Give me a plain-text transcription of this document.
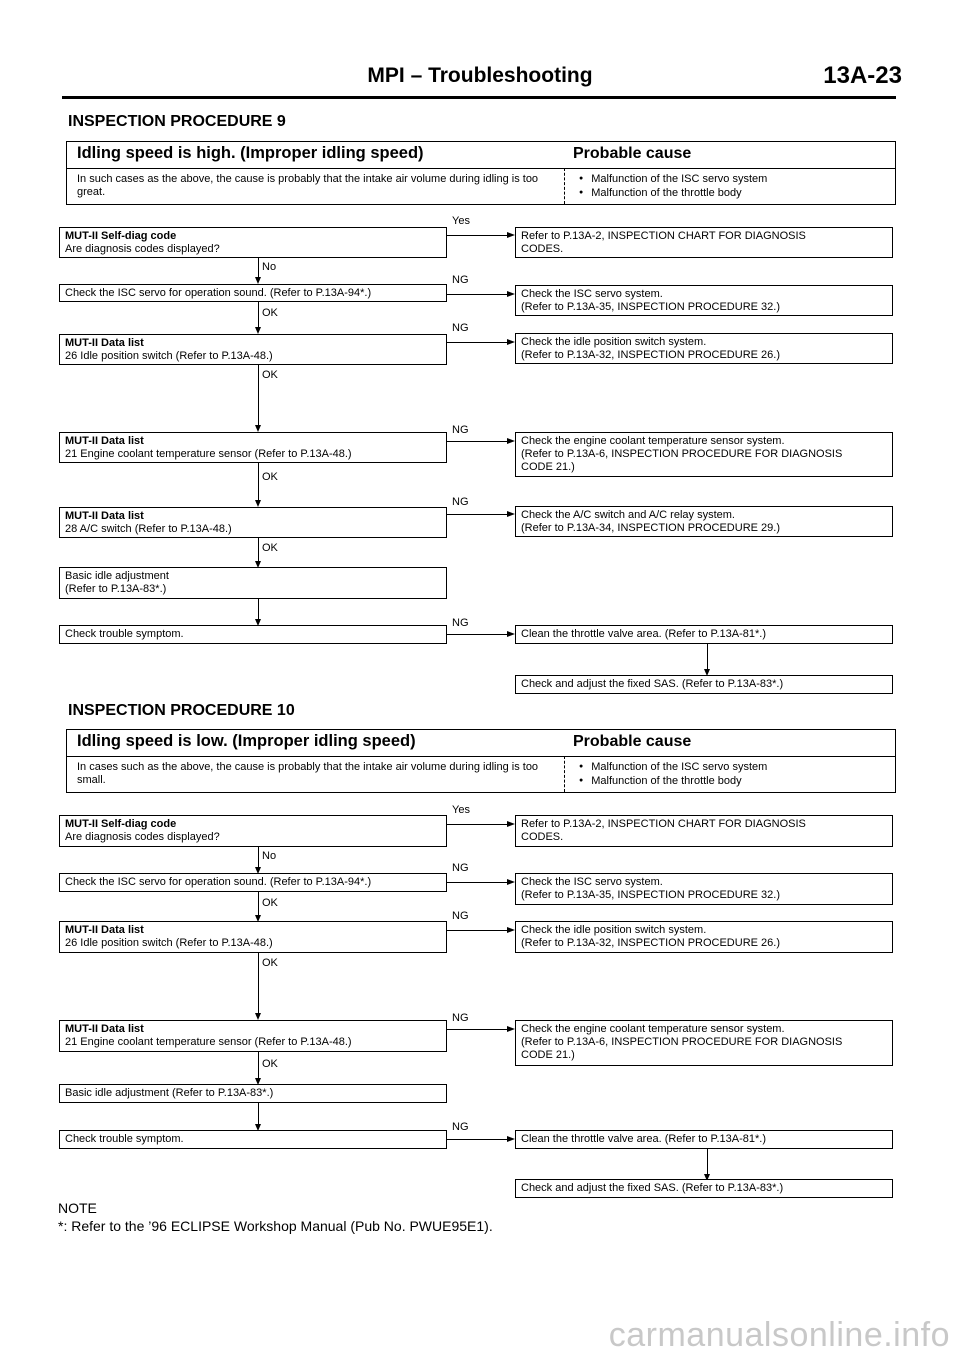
MPI – Troubleshooting	13A-23
INSPECTION PROCEDURE 9
Idling speed is high. (Improper idling speed)	Probable cause
In such cases as the above, the cause is probably that the intake air volume during idling is too great.
● Malfunction of the ISC servo system
● Malfunction of the throttle body
MUT-II Self-diag code
Are diagnosis codes displayed?
No
Check the ISC servo for operation sound. (Refer to P.13A-94*.)
OK
MUT-II Data list
26 Idle position switch (Refer to P.13A-48.)
OK
MUT-II Data list
21 Engine coolant temperature sensor (Refer to P.13A-48.)
OK
MUT-II Data list
28 A/C switch (Refer to P.13A-48.)
OK
Basic idle adjustment
(Refer to P.13A-83*.)
Check trouble symptom.
Yes
NG
NG
NG
NG
NG
Refer to P.13A-2, INSPECTION CHART FOR DIAGNOSIS
CODES.
Check the ISC servo system.
(Refer to P.13A-35, INSPECTION PROCEDURE 32.)
Check the idle position switch system.
(Refer to P.13A-32, INSPECTION PROCEDURE 26.)
Check the engine coolant temperature sensor system.
(Refer to P.13A-6, INSPECTION PROCEDURE FOR DIAGNOSIS
CODE 21.)
Check the A/C switch and A/C relay system.
(Refer to P.13A-34, INSPECTION PROCEDURE 29.)
Clean the throttle valve area. (Refer to P.13A-81*.)
Check and adjust the fixed SAS. (Refer to P.13A-83*.)
INSPECTION PROCEDURE 10
Idling speed is low. (Improper idling speed)	Probable cause
In cases such as the above, the cause is probably that the intake air volume during idling is too small.
● Malfunction of the ISC servo system
● Malfunction of the throttle body
MUT-II Self-diag code
Are diagnosis codes displayed?
No
Check the ISC servo for operation sound. (Refer to P.13A-94*.)
OK
MUT-II Data list
26 Idle position switch (Refer to P.13A-48.)
OK
MUT-II Data list
21 Engine coolant temperature sensor (Refer to P.13A-48.)
OK
Basic idle adjustment (Refer to P.13A-83*.)
Check trouble symptom.
Yes
NG
NG
NG
NG
Refer to P.13A-2, INSPECTION CHART FOR DIAGNOSIS
CODES.
Check the ISC servo system.
(Refer to P.13A-35, INSPECTION PROCEDURE 32.)
Check the idle position switch system.
(Refer to P.13A-32, INSPECTION PROCEDURE 26.)
Check the engine coolant temperature sensor system.
(Refer to P.13A-6, INSPECTION PROCEDURE FOR DIAGNOSIS
CODE 21.)
Clean the throttle valve area. (Refer to P.13A-81*.)
Check and adjust the fixed SAS. (Refer to P.13A-83*.)
NOTE
*: Refer to the ’96 ECLIPSE Workshop Manual (Pub No. PWUE95E1).
carmanualsonline.info
